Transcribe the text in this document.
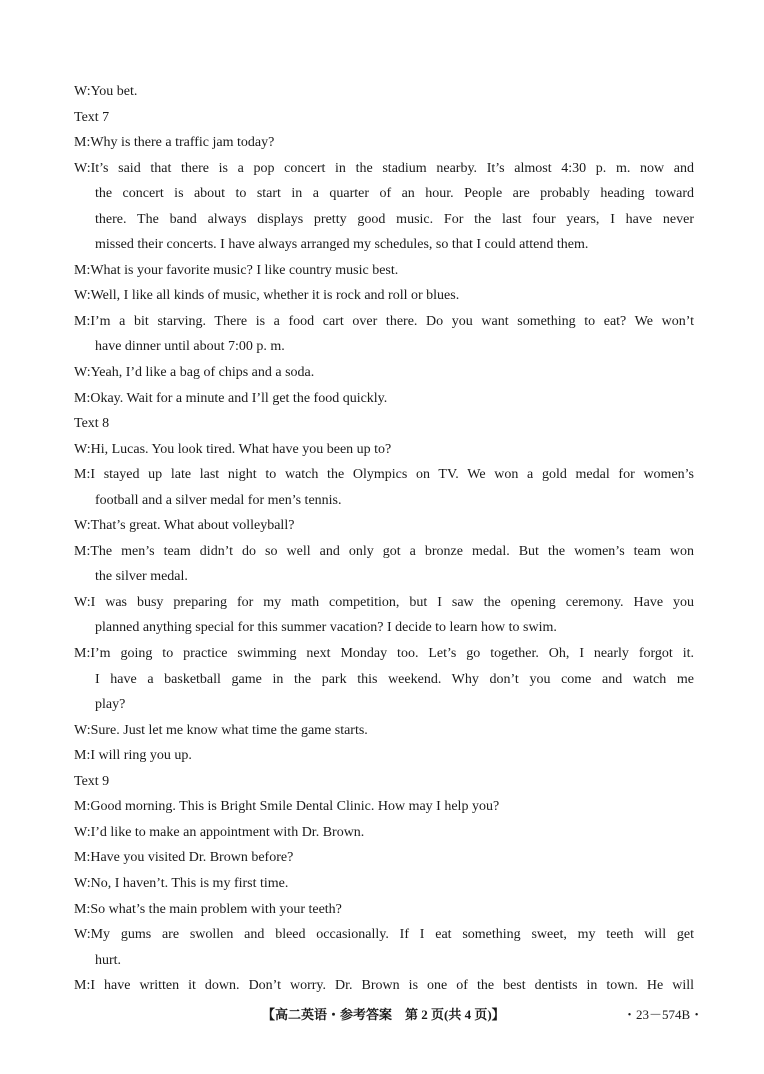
W:You bet.
Text 7
M:Why is there a traffic jam today?
W:It’s said that there is a pop concert in the stadium nearby. It’s almost 4:30 p. m. now and
the concert is about to start in a quarter of an hour. People are probably heading toward
there. The band always displays pretty good music. For the last four years, I have never
missed their concerts. I have always arranged my schedules, so that I could attend them.
M:What is your favorite music? I like country music best.
W:Well, I like all kinds of music, whether it is rock and roll or blues.
M:I’m a bit starving. There is a food cart over there. Do you want something to eat? We won’t
have dinner until about 7:00 p. m.
W:Yeah, I’d like a bag of chips and a soda.
M:Okay. Wait for a minute and I’ll get the food quickly.
Text 8
W:Hi, Lucas. You look tired. What have you been up to?
M:I stayed up late last night to watch the Olympics on TV. We won a gold medal for women’s
football and a silver medal for men’s tennis.
W:That’s great. What about volleyball?
M:The men’s team didn’t do so well and only got a bronze medal. But the women’s team won
the silver medal.
W:I was busy preparing for my math competition, but I saw the opening ceremony. Have you
planned anything special for this summer vacation? I decide to learn how to swim.
M:I’m going to practice swimming next Monday too. Let’s go together. Oh, I nearly forgot it.
I have a basketball game in the park this weekend. Why don’t you come and watch me
play?
W:Sure. Just let me know what time the game starts.
M:I will ring you up.
Text 9
M:Good morning. This is Bright Smile Dental Clinic. How may I help you?
W:I’d like to make an appointment with Dr. Brown.
M:Have you visited Dr. Brown before?
W:No, I haven’t. This is my first time.
M:So what’s the main problem with your teeth?
W:My gums are swollen and bleed occasionally. If I eat something sweet, my teeth will get
hurt.
M:I have written it down. Don’t worry. Dr. Brown is one of the best dentists in town. He will
【高二英语・参考答案　第 2 页(共 4 页)】	・23－574B・
